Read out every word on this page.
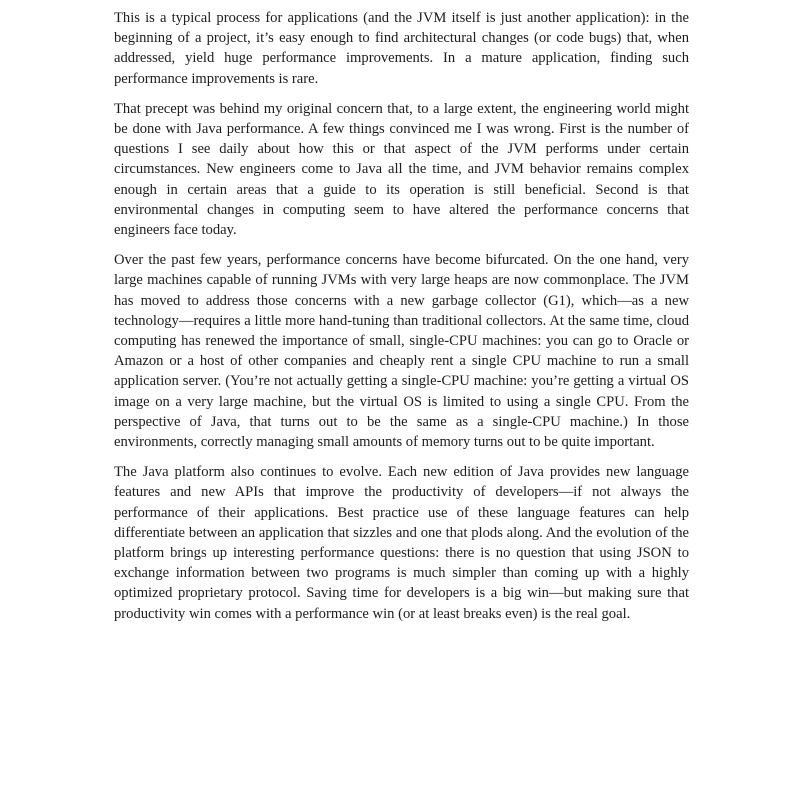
This is a typical process for applications (and the JVM itself is just another application): in the beginning of a project, it’s easy enough to find architectural changes (or code bugs) that, when addressed, yield huge performance improvements. In a mature application, finding such performance improvements is rare.

That precept was behind my original concern that, to a large extent, the engineering world might be done with Java performance. A few things convinced me I was wrong. First is the number of questions I see daily about how this or that aspect of the JVM performs under certain circumstances. New engineers come to Java all the time, and JVM behavior remains complex enough in certain areas that a guide to its operation is still beneficial. Second is that environmental changes in computing seem to have altered the performance concerns that engineers face today.

Over the past few years, performance concerns have become bifurcated. On the one hand, very large machines capable of running JVMs with very large heaps are now commonplace. The JVM has moved to address those concerns with a new garbage collector (G1), which—as a new technology—requires a little more hand-tuning than traditional collectors. At the same time, cloud computing has renewed the importance of small, single-CPU machines: you can go to Oracle or Amazon or a host of other companies and cheaply rent a single CPU machine to run a small application server. (You’re not actually getting a single-CPU machine: you’re getting a virtual OS image on a very large machine, but the virtual OS is limited to using a single CPU. From the perspective of Java, that turns out to be the same as a single-CPU machine.) In those environments, correctly managing small amounts of memory turns out to be quite important.

The Java platform also continues to evolve. Each new edition of Java provides new language features and new APIs that improve the productivity of developers—if not always the performance of their applications. Best practice use of these language features can help differentiate between an application that sizzles and one that plods along. And the evolution of the platform brings up interesting performance questions: there is no question that using JSON to exchange information between two programs is much simpler than coming up with a highly optimized proprietary protocol. Saving time for developers is a big win—but making sure that productivity win comes with a performance win (or at least breaks even) is the real goal.
